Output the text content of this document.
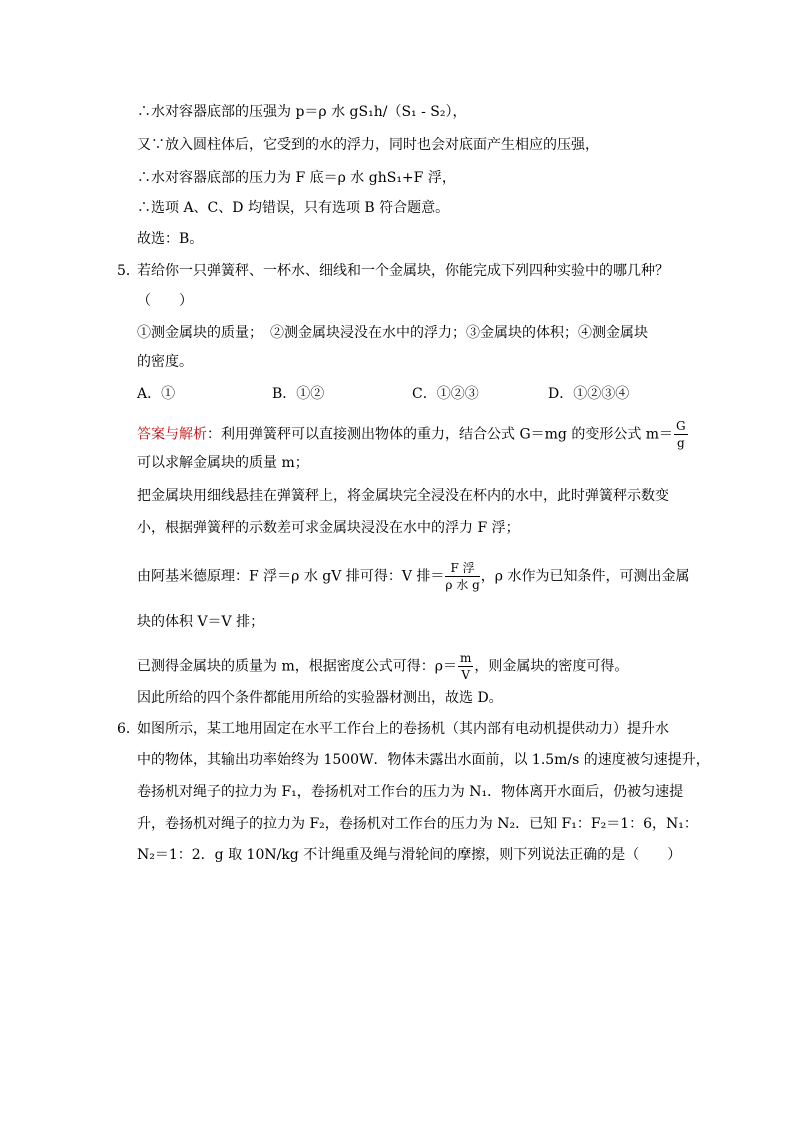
∴水对容器底部的压强为 p＝ρ 水 gS₁h/（S₁ - S₂），
又∵放入圆柱体后，它受到的水的浮力，同时也会对底面产生相应的压强，
∴水对容器底部的压力为 F 底＝ρ 水 ghS₁+F 浮，
∴选项 A、C、D 均错误，只有选项 B 符合题意。
故选：B。
5．
若给你一只弹簧秤、一杯水、细线和一个金属块，你能完成下列四种实验中的哪几种？
（　　）
①测金属块的质量；　②测金属块浸没在水中的浮力；③金属块的体积；④测金属块
的密度。
A．①	B．①②	C．①②③	D．①②③④
答案与解析：利用弹簧秤可以直接测出物体的重力，结合公式 G＝mg 的变形公式 $m= \frac{G}{g}$
可以求解金属块的质量 m；
把金属块用细线悬挂在弹簧秤上，将金属块完全浸没在杯内的水中，此时弹簧秤示数变
小，根据弹簧秤的示数差可求金属块浸没在水中的浮力 F 浮；
由阿基米德原理：F 浮＝ρ 水 gV 排可得：V 排＝ $\frac{\text{F 浮}}{\text{ρ 水 g}}$ ，ρ 水作为已知条件，可测出金属
块的体积 V＝V 排；
已测得金属块的质量为 m，根据密度公式可得：$\rho= \frac{m}{V}$ ，则金属块的密度可得。
因此所给的四个条件都能用所给的实验器材测出，故选 D。
6．
如图所示，某工地用固定在水平工作台上的卷扬机（其内部有电动机提供动力）提升水
中的物体，其输出功率始终为 1500W．物体未露出水面前，以 1.5m/s 的速度被匀速提升，
卷扬机对绳子的拉力为 F₁，卷扬机对工作台的压力为 N₁．物体离开水面后，仍被匀速提
升，卷扬机对绳子的拉力为 F₂，卷扬机对工作台的压力为 N₂．已知 F₁：F₂＝1：6，N₁：
N₂＝1：2．g 取 10N/kg 不计绳重及绳与滑轮间的摩擦，则下列说法正确的是（　　）
